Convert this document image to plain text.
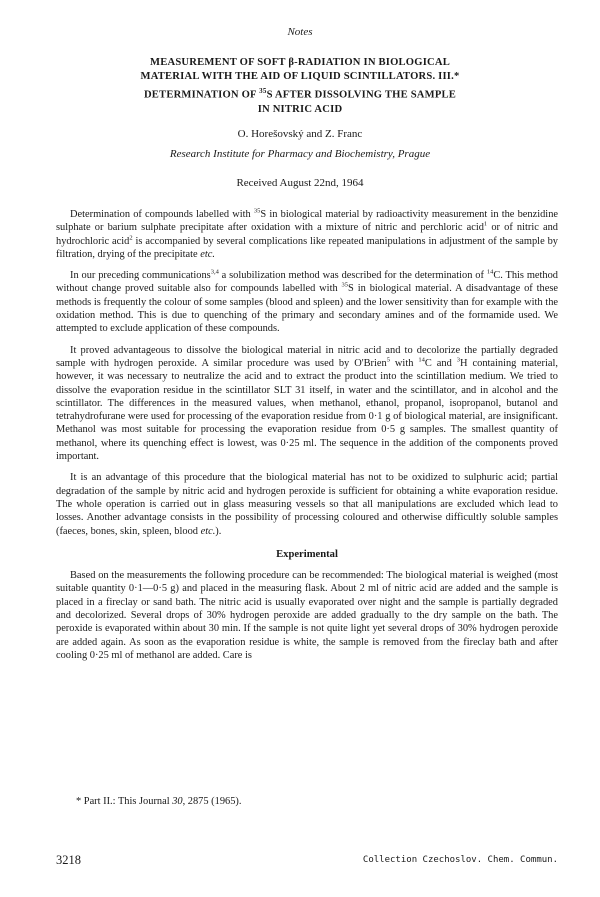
Notes
MEASUREMENT OF SOFT β-RADIATION IN BIOLOGICAL
MATERIAL WITH THE AID OF LIQUID SCINTILLATORS. III.*
DETERMINATION OF $^{35}$S AFTER DISSOLVING THE SAMPLE
IN NITRIC ACID
O. Horešovský and Z. Franc
Research Institute for Pharmacy and Biochemistry, Prague
Received August 22nd, 1964

Determination of compounds labelled with $^{35}$S in biological material by radioactivity measurement in the benzidine sulphate or barium sulphate precipitate after oxidation with a mixture of nitric and perchloric acid$^1$ or of nitric and hydrochloric acid$^2$ is accompanied by several complications like repeated manipulations in adjustment of the sample by filtration, drying of the precipitate etc.

In our preceding communications$^{3,4}$ a solubilization method was described for the determination of $^{14}$C. This method without change proved suitable also for compounds labelled with $^{35}$S in biological material. A disadvantage of these methods is frequently the colour of some samples (blood and spleen) and the lower sensitivity than for example with the oxidation method. This is due to quenching of the primary and secondary amines and of the formamide used. We attempted to exclude application of these compounds.

It proved advantageous to dissolve the biological material in nitric acid and to decolorize the partially degraded sample with hydrogen peroxide. A similar procedure was used by O'Brien$^5$ with $^{14}$C and $^3$H containing material, however, it was necessary to neutralize the acid and to extract the product into the scintillation medium. We tried to dissolve the evaporation residue in the scintillator SLT 31 itself, in water and the scintillator, and in alcohol and the scintillator. The differences in the measured values, when methanol, ethanol, propanol, isopropanol, butanol and tetrahydrofurane were used for processing of the evaporation residue from 0·1 g of biological material, are insignificant. Methanol was most suitable for processing the evaporation residue from 0·5 g samples. The smallest quantity of methanol, where its quenching effect is lowest, was 0·25 ml. The sequence in the addition of the components proved important.

It is an advantage of this procedure that the biological material has not to be oxidized to sulphuric acid; partial degradation of the sample by nitric acid and hydrogen peroxide is sufficient for obtaining a white evaporation residue. The whole operation is carried out in glass measuring vessels so that all manipulations are excluded which lead to losses. Another advantage consists in the possibility of processing coloured and otherwise difficultly soluble samples (faeces, bones, skin, spleen, blood etc.).

Experimental

Based on the measurements the following procedure can be recommended: The biological material is weighed (most suitable quantity 0·1—0·5 g) and placed in the measuring flask. About 2 ml of nitric acid are added and the sample is placed in a fireclay or sand bath. The nitric acid is usually evaporated over night and the sample is partially degraded and decolorized. Several drops of 30% hydrogen peroxide are added gradually to the dry sample on the bath. The peroxide is evaporated within about 30 min. If the sample is not quite light yet several drops of 30% hydrogen peroxide are added again. As soon as the evaporation residue is white, the sample is removed from the fireclay bath and after cooling 0·25 ml of methanol are added. Care is

* Part II.: This Journal 30, 2875 (1965).
3218	Collection Czechoslov. Chem. Commun.
